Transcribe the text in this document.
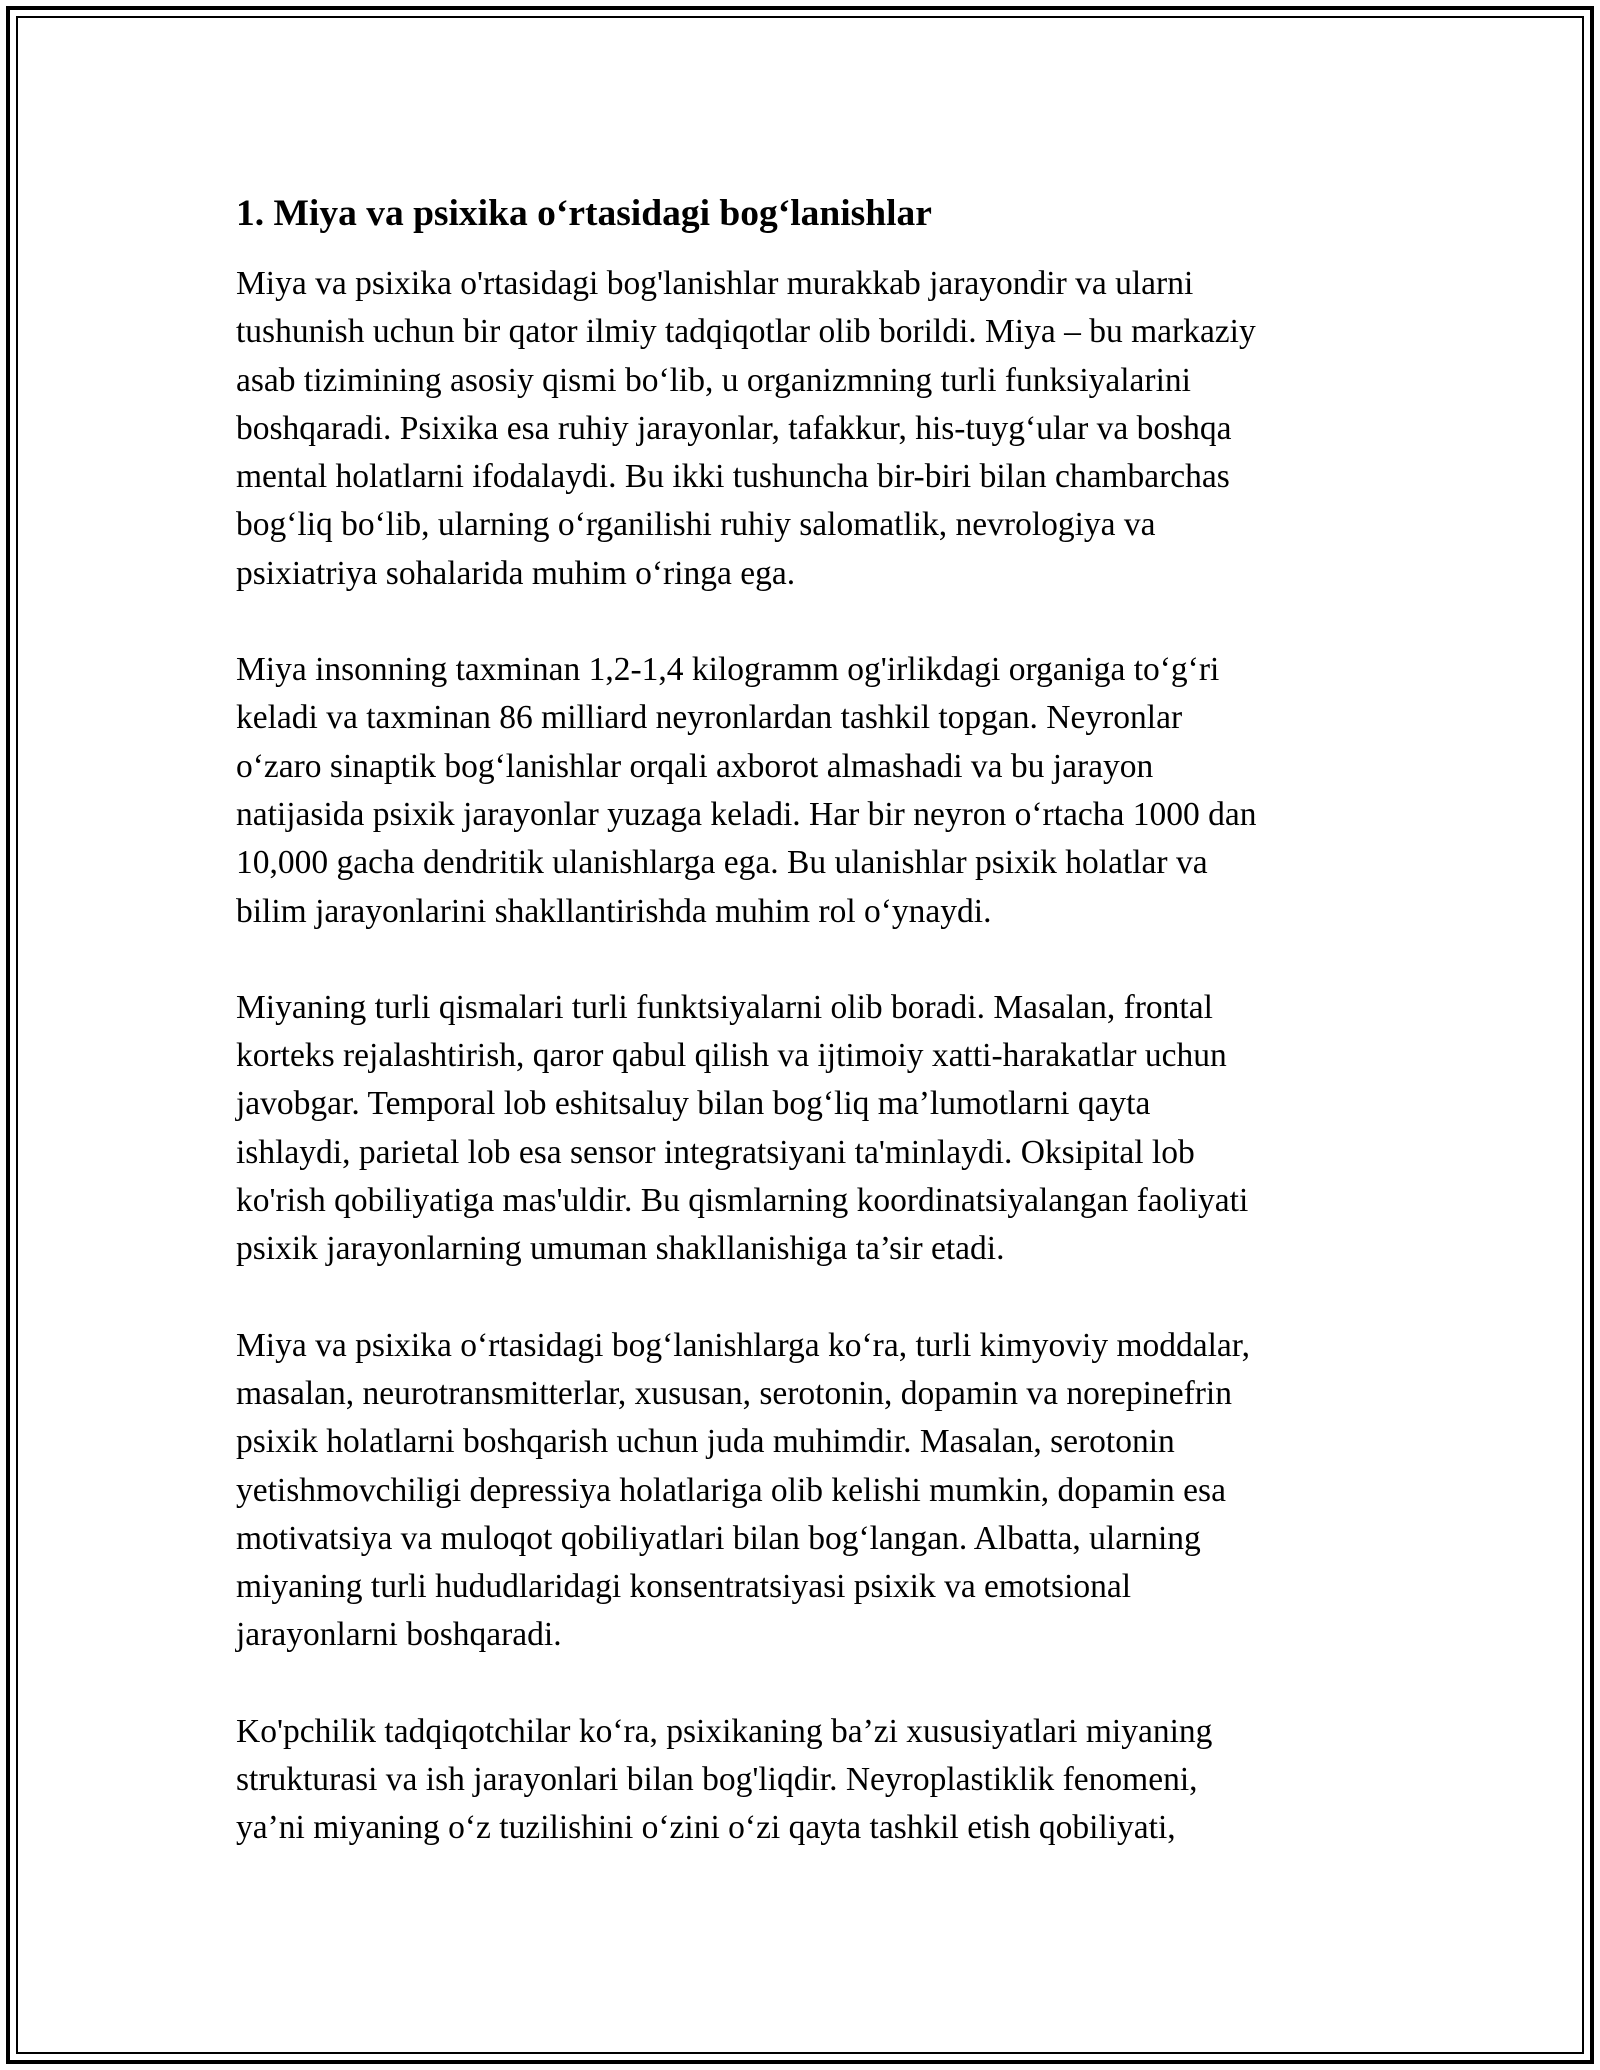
1. Miya va psixika o‘rtasidagi bog‘lanishlar

Miya va psixika o'rtasidagi bog'lanishlar murakkab jarayondir va ularni
tushunish uchun bir qator ilmiy tadqiqotlar olib borildi. Miya – bu markaziy
asab tizimining asosiy qismi bo‘lib, u organizmning turli funksiyalarini
boshqaradi. Psixika esa ruhiy jarayonlar, tafakkur, his-tuyg‘ular va boshqa
mental holatlarni ifodalaydi. Bu ikki tushuncha bir-biri bilan chambarchas
bog‘liq bo‘lib, ularning o‘rganilishi ruhiy salomatlik, nevrologiya va
psixiatriya sohalarida muhim o‘ringa ega.

Miya insonning taxminan 1,2-1,4 kilogramm og'irlikdagi organiga to‘g‘ri
keladi va taxminan 86 milliard neyronlardan tashkil topgan. Neyronlar
o‘zaro sinaptik bog‘lanishlar orqali axborot almashadi va bu jarayon
natijasida psixik jarayonlar yuzaga keladi. Har bir neyron o‘rtacha 1000 dan
10,000 gacha dendritik ulanishlarga ega. Bu ulanishlar psixik holatlar va
bilim jarayonlarini shakllantirishda muhim rol o‘ynaydi.

Miyaning turli qismalari turli funktsiyalarni olib boradi. Masalan, frontal
korteks rejalashtirish, qaror qabul qilish va ijtimoiy xatti-harakatlar uchun
javobgar. Temporal lob eshitsaluy bilan bog‘liq ma’lumotlarni qayta
ishlaydi, parietal lob esa sensor integratsiyani ta'minlaydi. Oksipital lob
ko'rish qobiliyatiga mas'uldir. Bu qismlarning koordinatsiyalangan faoliyati
psixik jarayonlarning umuman shakllanishiga ta’sir etadi.

Miya va psixika o‘rtasidagi bog‘lanishlarga ko‘ra, turli kimyoviy moddalar,
masalan, neurotransmitterlar, xususan, serotonin, dopamin va norepinefrin
psixik holatlarni boshqarish uchun juda muhimdir. Masalan, serotonin
yetishmovchiligi depressiya holatlariga olib kelishi mumkin, dopamin esa
motivatsiya va muloqot qobiliyatlari bilan bog‘langan. Albatta, ularning
miyaning turli hududlaridagi konsentratsiyasi psixik va emotsional
jarayonlarni boshqaradi.

Ko'pchilik tadqiqotchilar ko‘ra, psixikaning ba’zi xususiyatlari miyaning
strukturasi va ish jarayonlari bilan bog'liqdir. Neyroplastiklik fenomeni,
ya’ni miyaning o‘z tuzilishini o‘zini o‘zi qayta tashkil etish qobiliyati,
